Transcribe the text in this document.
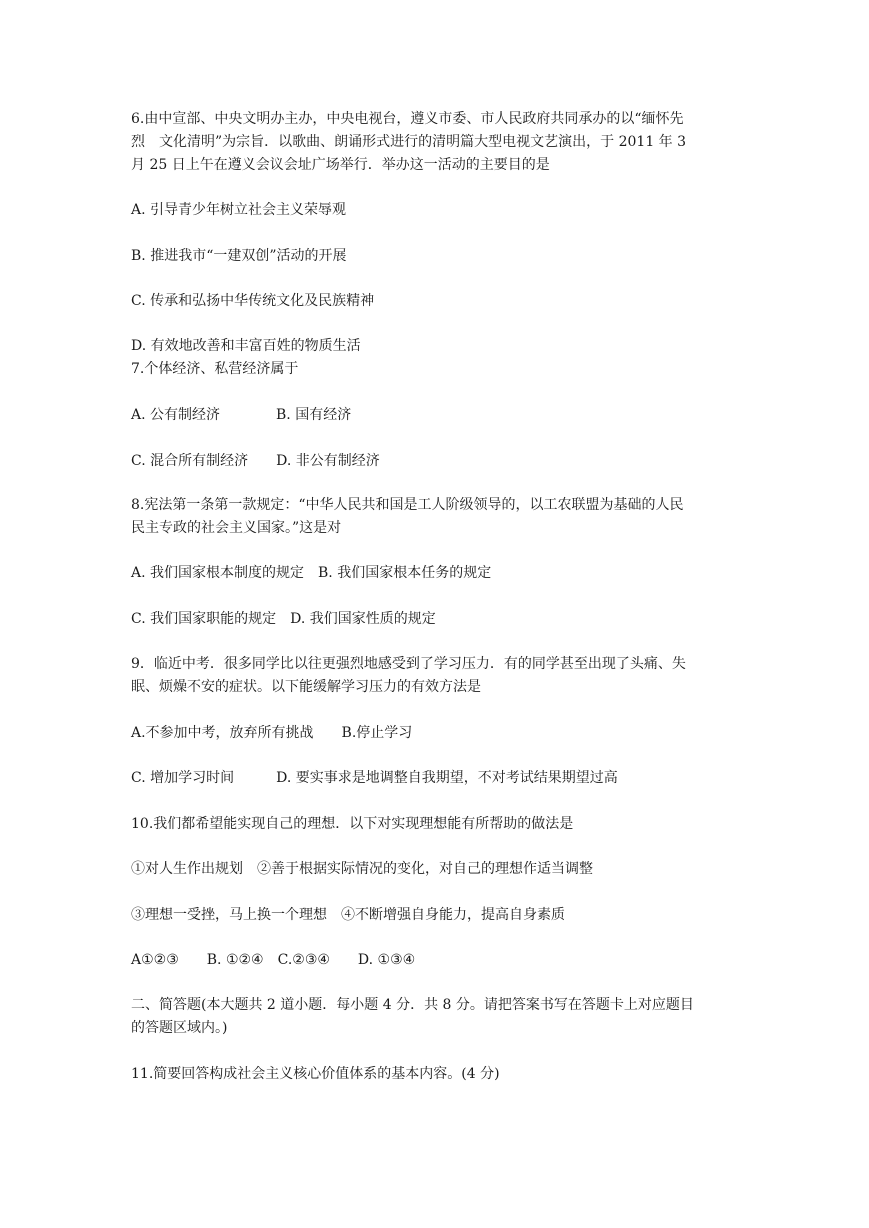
6.由中宣部、中央文明办主办，中央电视台，遵义市委、市人民政府共同承办的以“缅怀先
烈　文化清明”为宗旨．以歌曲、朗诵形式进行的清明篇大型电视文艺演出，于 2011 年 3
月 25 日上午在遵义会议会址广场举行．举办这一活动的主要目的是
A. 引导青少年树立社会主义荣辱观
B. 推进我市“一建双创”活动的开展
C. 传承和弘扬中华传统文化及民族精神
D. 有效地改善和丰富百姓的物质生活
7.个体经济、私营经济属于
A. 公有制经济　　　　B. 国有经济
C. 混合所有制经济　　D. 非公有制经济
8.宪法第一条第一款规定：“中华人民共和国是工人阶级领导的，以工农联盟为基础的人民
民主专政的社会主义国家。”这是对
A. 我们国家根本制度的规定　B. 我们国家根本任务的规定
C. 我们国家职能的规定　D. 我们国家性质的规定
9．临近中考．很多同学比以往更强烈地感受到了学习压力．有的同学甚至出现了头痛、失
眠、烦燥不安的症状。以下能缓解学习压力的有效方法是
A.不参加中考，放弃所有挑战　　B.停止学习
C. 增加学习时间　　　D. 要实事求是地调整自我期望，不对考试结果期望过高
10.我们都希望能实现自己的理想．以下对实现理想能有所帮助的做法是
①对人生作出规划　②善于根据实际情况的变化，对自己的理想作适当调整
③理想一受挫，马上换一个理想　④不断增强自身能力，提高自身素质
A①②③　　B. ①②④　C.②③④　　D. ①③④
二、简答题(本大题共 2 道小题．每小题 4 分．共 8 分。请把答案书写在答题卡上对应题目
的答题区域内。)
11.简要回答构成社会主义核心价值体系的基本内容。(4 分)
